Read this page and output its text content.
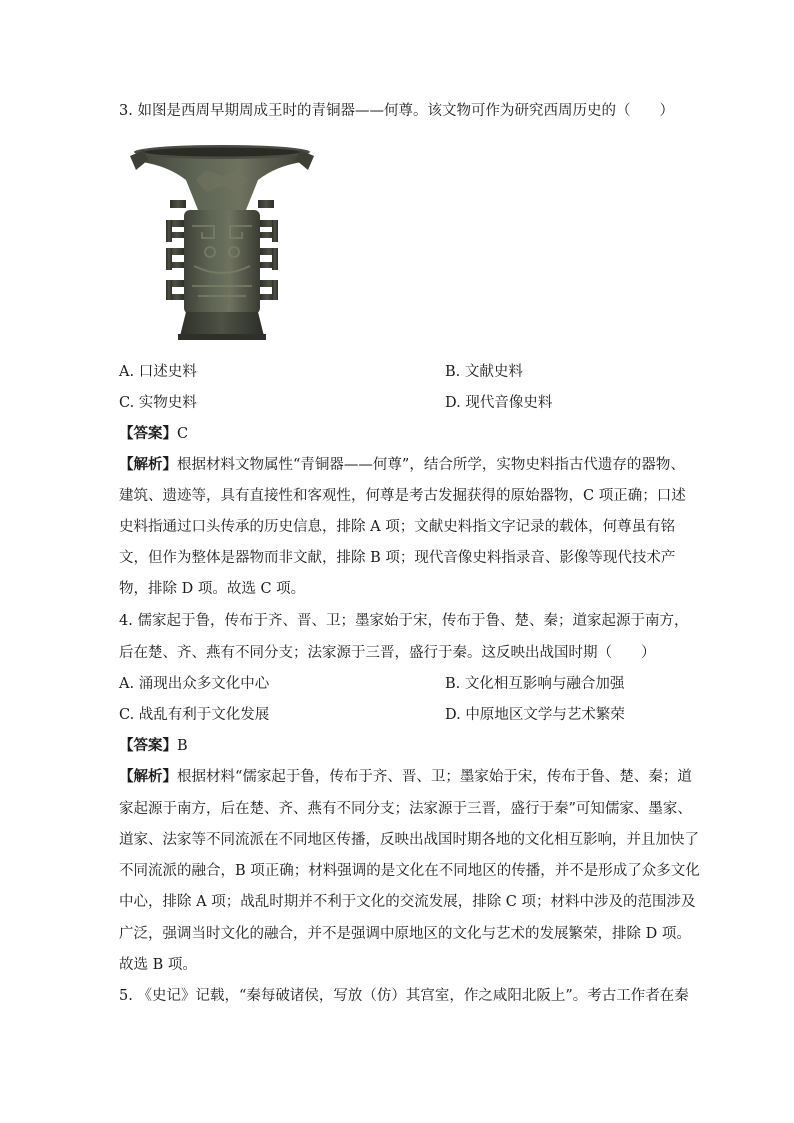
3. 如图是西周早期周成王时的青铜器——何尊。该文物可作为研究西周历史的（　　）
A. 口述史料	B. 文献史料
C. 实物史料	D. 现代音像史料
【答案】C
【解析】根据材料文物属性“青铜器——何尊”，结合所学，实物史料指古代遗存的器物、
建筑、遗迹等，具有直接性和客观性，何尊是考古发掘获得的原始器物，C 项正确；口述
史料指通过口头传承的历史信息，排除 A 项；文献史料指文字记录的载体，何尊虽有铭
文，但作为整体是器物而非文献，排除 B 项；现代音像史料指录音、影像等现代技术产
物，排除 D 项。故选 C 项。
4. 儒家起于鲁，传布于齐、晋、卫；墨家始于宋，传布于鲁、楚、秦；道家起源于南方，
后在楚、齐、燕有不同分支；法家源于三晋，盛行于秦。这反映出战国时期（　　）
A. 涌现出众多文化中心	B. 文化相互影响与融合加强
C. 战乱有利于文化发展	D. 中原地区文学与艺术繁荣
【答案】B
【解析】根据材料“儒家起于鲁，传布于齐、晋、卫；墨家始于宋，传布于鲁、楚、秦；道
家起源于南方，后在楚、齐、燕有不同分支；法家源于三晋，盛行于秦”可知儒家、墨家、
道家、法家等不同流派在不同地区传播，反映出战国时期各地的文化相互影响，并且加快了
不同流派的融合，B 项正确；材料强调的是文化在不同地区的传播，并不是形成了众多文化
中心，排除 A 项；战乱时期并不利于文化的交流发展，排除 C 项；材料中涉及的范围涉及
广泛，强调当时文化的融合，并不是强调中原地区的文化与艺术的发展繁荣，排除 D 项。
故选 B 项。
5. 《史记》记载，“秦每破诸侯，写放（仿）其宫室，作之咸阳北阪上”。考古工作者在秦
